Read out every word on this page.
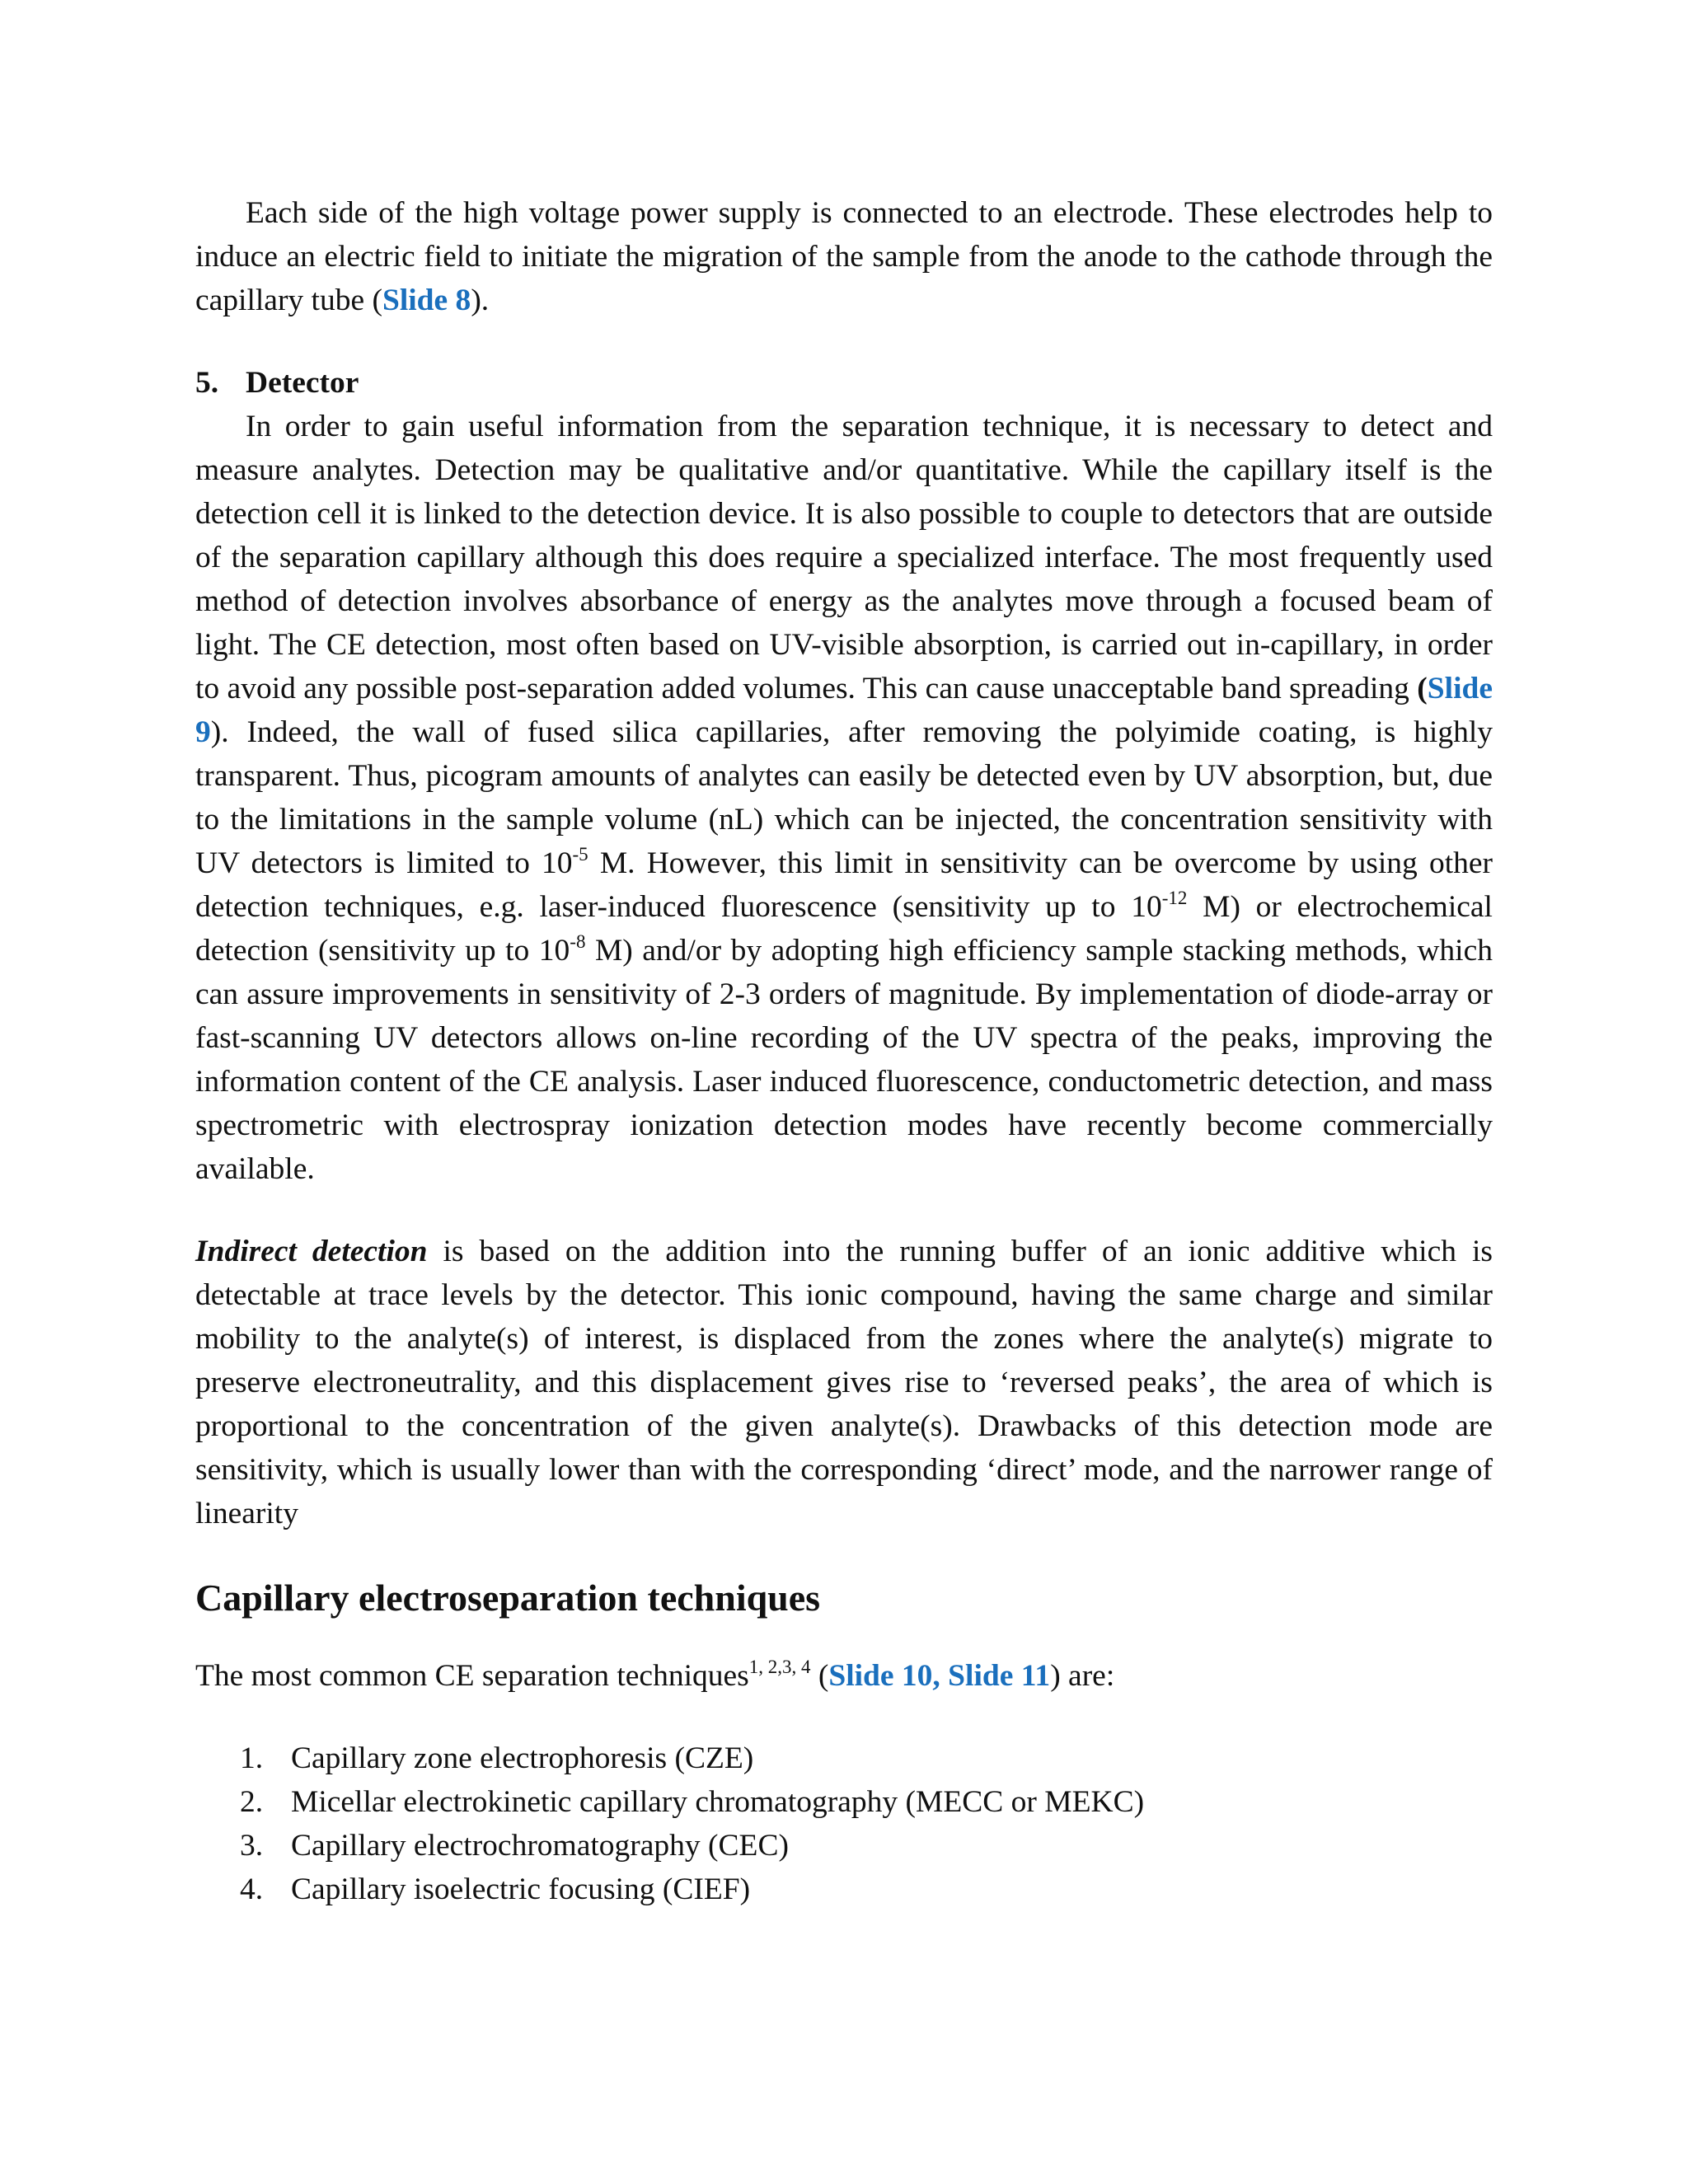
Each side of the high voltage power supply is connected to an electrode. These electrodes help to induce an electric field to initiate the migration of the sample from the anode to the cathode through the capillary tube (Slide 8).

5. Detector

In order to gain useful information from the separation technique, it is necessary to detect and measure analytes. Detection may be qualitative and/or quantitative. While the capillary itself is the detection cell it is linked to the detection device. It is also possible to couple to detectors that are outside of the separation capillary although this does require a specialized interface. The most frequently used method of detection involves absorbance of energy as the analytes move through a focused beam of light. The CE detection, most often based on UV-visible absorption, is carried out in-capillary, in order to avoid any possible post-separation added volumes. This can cause unacceptable band spreading (Slide 9). Indeed, the wall of fused silica capillaries, after removing the polyimide coating, is highly transparent. Thus, picogram amounts of analytes can easily be detected even by UV absorption, but, due to the limitations in the sample volume (nL) which can be injected, the concentration sensitivity with UV detectors is limited to $10^{-5}$ M. However, this limit in sensitivity can be overcome by using other detection techniques, e.g. laser-induced fluorescence (sensitivity up to $10^{-12}$ M) or electrochemical detection (sensitivity up to $10^{-8}$ M) and/or by adopting high efficiency sample stacking methods, which can assure improvements in sensitivity of 2-3 orders of magnitude. By implementation of diode-array or fast-scanning UV detectors allows on-line recording of the UV spectra of the peaks, improving the information content of the CE analysis. Laser induced fluorescence, conductometric detection, and mass spectrometric with electrospray ionization detection modes have recently become commercially available.

Indirect detection is based on the addition into the running buffer of an ionic additive which is detectable at trace levels by the detector. This ionic compound, having the same charge and similar mobility to the analyte(s) of interest, is displaced from the zones where the analyte(s) migrate to preserve electroneutrality, and this displacement gives rise to ‘reversed peaks’, the area of which is proportional to the concentration of the given analyte(s). Drawbacks of this detection mode are sensitivity, which is usually lower than with the corresponding ‘direct’ mode, and the narrower range of linearity

Capillary electroseparation techniques

The most common CE separation techniques$^{1, 2,3, 4}$ (Slide 10, Slide 11) are:

1. Capillary zone electrophoresis (CZE)
2. Micellar electrokinetic capillary chromatography (MECC or MEKC)
3. Capillary electrochromatography (CEC)
4. Capillary isoelectric focusing (CIEF)
